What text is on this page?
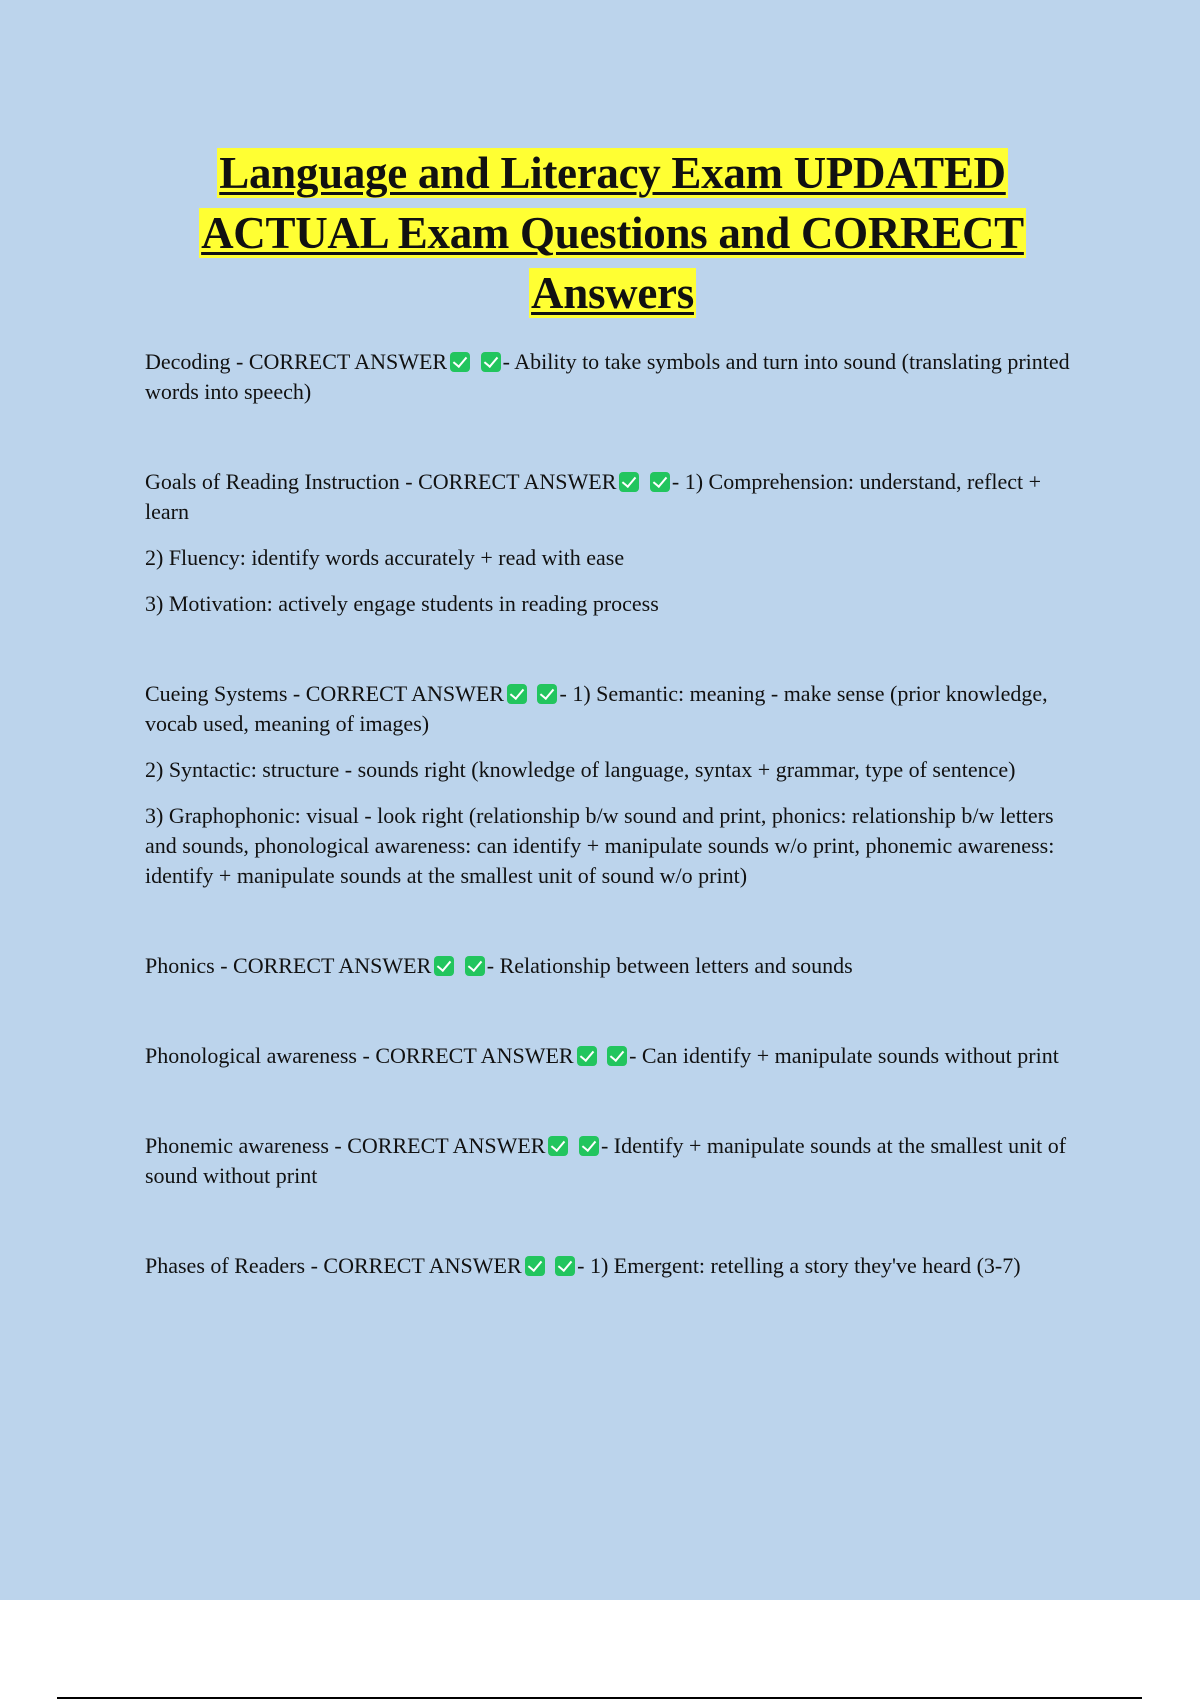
Language and Literacy Exam UPDATED ACTUAL Exam Questions and CORRECT Answers

Decoding - CORRECT ANSWER	- Ability to take symbols and turn into sound (translating printed words into speech)

Goals of Reading Instruction - CORRECT ANSWER	- 1) Comprehension: understand, reflect + learn

2) Fluency: identify words accurately + read with ease

3) Motivation: actively engage students in reading process

Cueing Systems - CORRECT ANSWER	- 1) Semantic: meaning - make sense (prior knowledge, vocab used, meaning of images)

2) Syntactic: structure - sounds right (knowledge of language, syntax + grammar, type of sentence)

3) Graphophonic: visual - look right (relationship b/w sound and print, phonics: relationship b/w letters and sounds, phonological awareness: can identify + manipulate sounds w/o print, phonemic awareness: identify + manipulate sounds at the smallest unit of sound w/o print)

Phonics - CORRECT ANSWER	- Relationship between letters and sounds

Phonological awareness - CORRECT ANSWER	- Can identify + manipulate sounds without print

Phonemic awareness - CORRECT ANSWER	- Identify + manipulate sounds at the smallest unit of sound without print

Phases of Readers - CORRECT ANSWER	- 1) Emergent: retelling a story they've heard (3-7)
